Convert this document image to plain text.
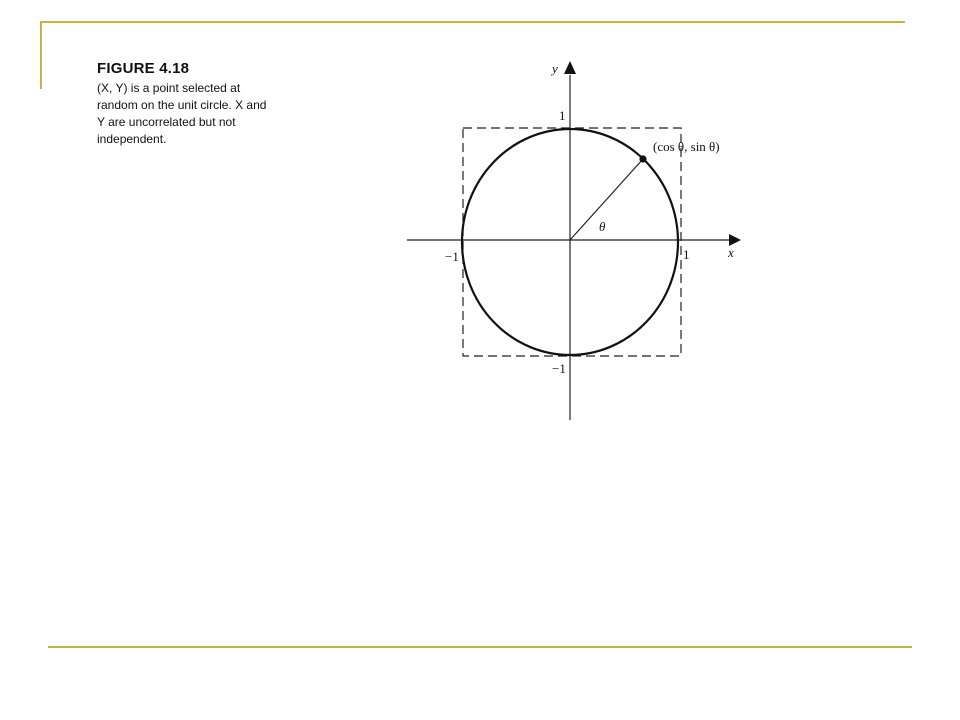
FIGURE 4.18

(X, Y) is a point selected at

random on the unit circle. X and

Y are uncorrelated but not

independent.

y
x
1
−1
−1	1
(cos θ, sin θ)
θ
